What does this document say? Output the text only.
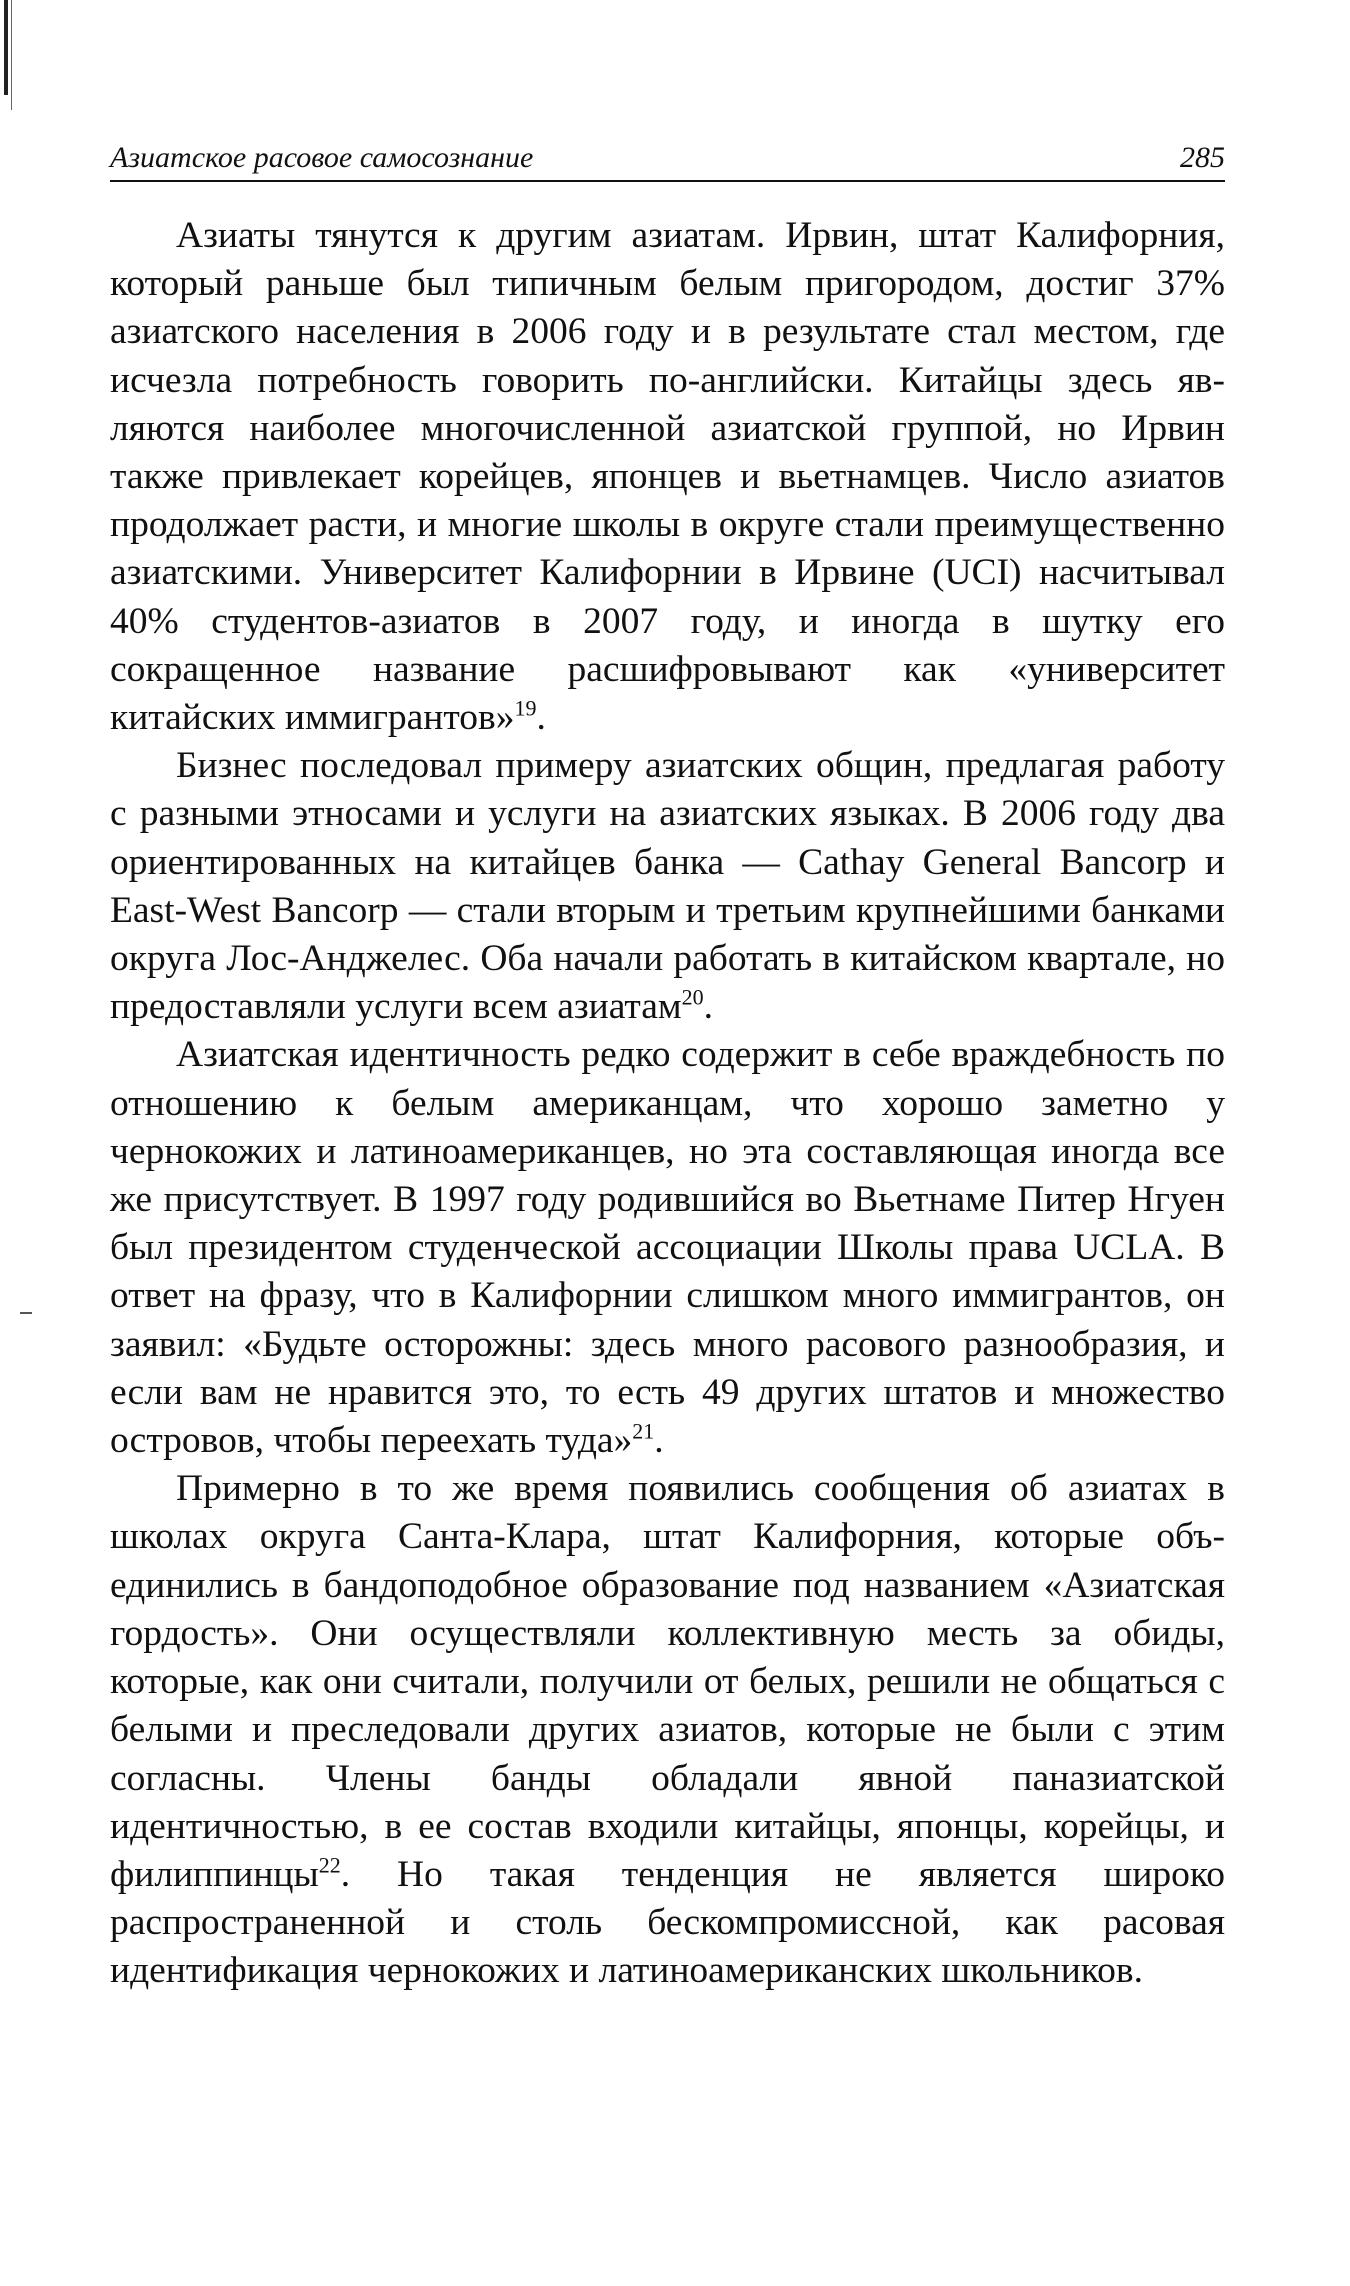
Азиатское расовое самосознание	285

Азиаты тянутся к другим азиатам. Ирвин, штат Калифорния, который раньше был типичным белым пригородом, достиг 37% азиатского населения в 2006 году и в результате стал местом, где исчезла потребность говорить по-английски. Китайцы здесь являются наиболее многочисленной азиатской группой, но Ирвин также привлекает корейцев, японцев и вьетнамцев. Число азиатов продолжает расти, и многие школы в округе стали преимущественно азиатскими. Университет Калифорнии в Ирвине (UCI) насчитывал 40% студентов-азиатов в 2007 году, и иногда в шутку его сокращенное название расшифровывают как «университет китайских иммигрантов»$^{19}$.

Бизнес последовал примеру азиатских общин, предлагая работу с разными этносами и услуги на азиатских языках. В 2006 году два ориентированных на китайцев банка — Cathay General Bancorp и East-West Bancorp — стали вторым и третьим крупнейшими банками округа Лос-Анджелес. Оба начали работать в китайском квартале, но предоставляли услуги всем азиатам$^{20}$.

Азиатская идентичность редко содержит в себе враждебность по отношению к белым американцам, что хорошо заметно у чернокожих и латиноамериканцев, но эта составляющая иногда все же присутствует. В 1997 году родившийся во Вьетнаме Питер Нгуен был президентом студенческой ассоциации Школы права UCLA. В ответ на фразу, что в Калифорнии слишком много иммигрантов, он заявил: «Будьте осторожны: здесь много расового разнообразия, и если вам не нравится это, то есть 49 других штатов и множество островов, чтобы переехать туда»$^{21}$.

Примерно в то же время появились сообщения об азиатах в школах округа Санта-Клара, штат Калифорния, которые объединились в бандоподобное образование под названием «Азиатская гордость». Они осуществляли коллективную месть за обиды, которые, как они считали, получили от белых, решили не общаться с белыми и преследовали других азиатов, которые не были с этим согласны. Члены банды обладали явной паназиатской идентичностью, в ее состав входили китайцы, японцы, корейцы, и филиппинцы$^{22}$. Но такая тенденция не является широко распространенной и столь бескомпромиссной, как расовая идентификация чернокожих и латиноамериканских школьников.
